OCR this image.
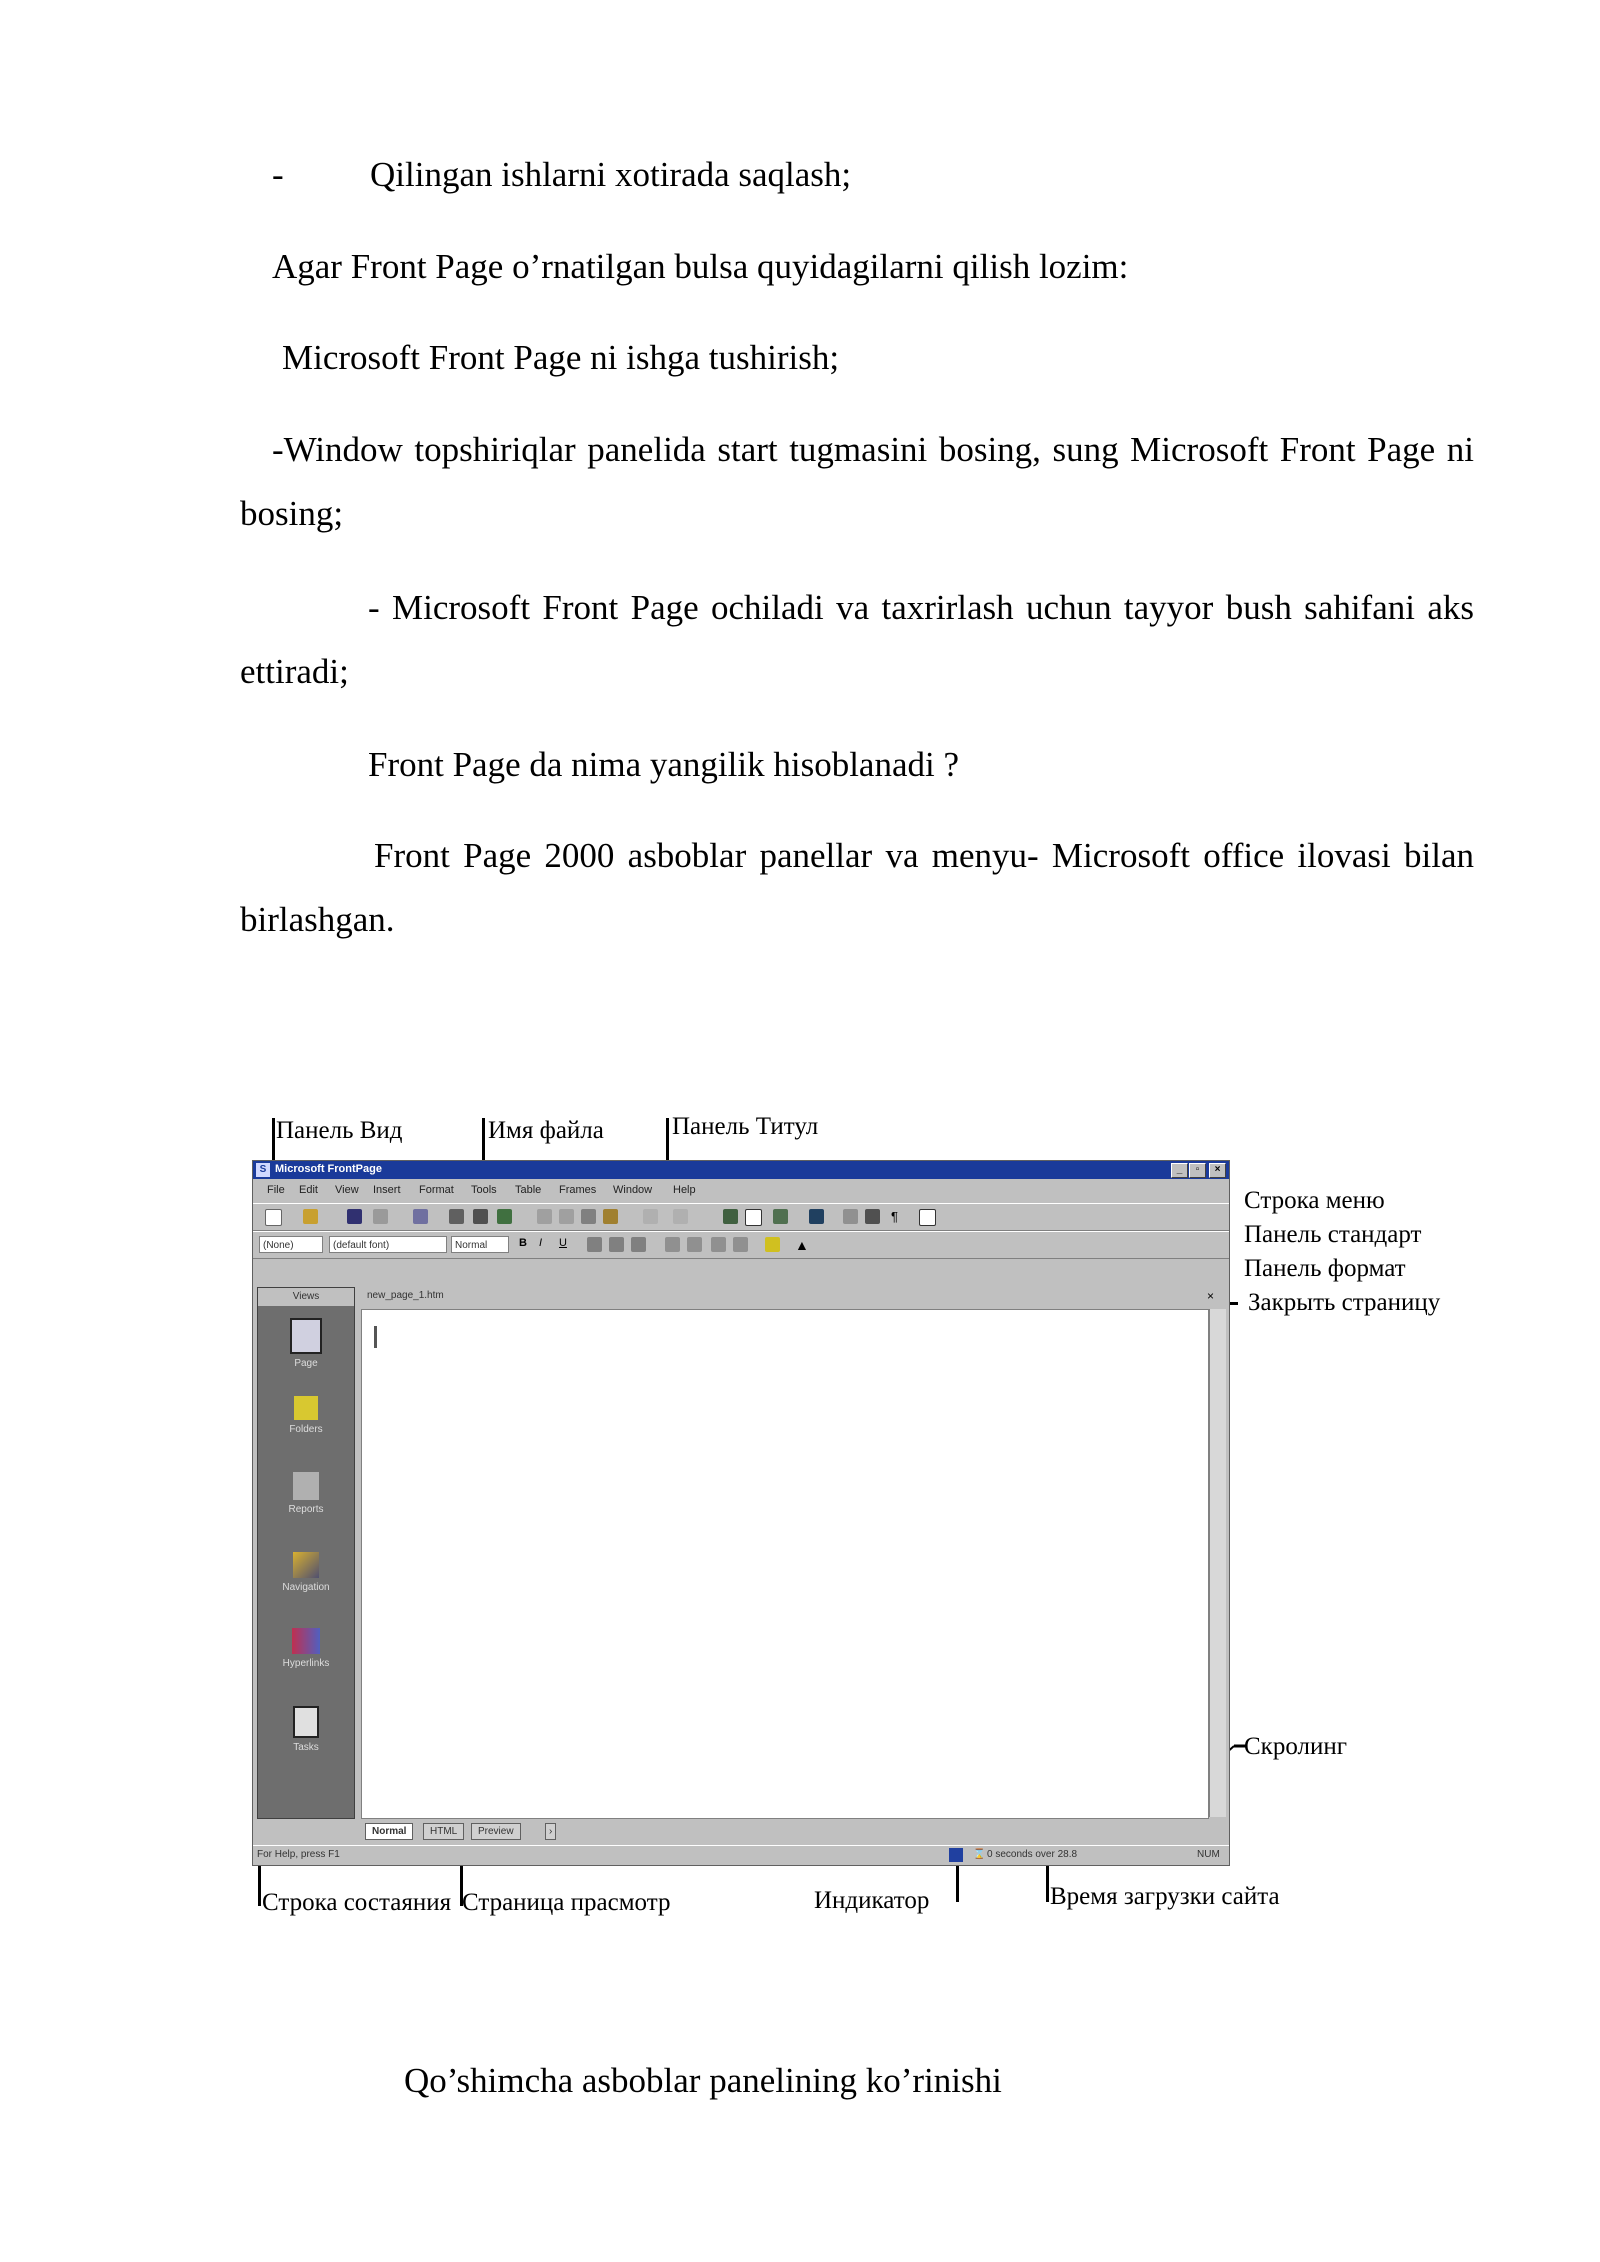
- Qilingan ishlarni xotirada saqlash;
Agar Front Page o’rnatilgan bulsa quyidagilarni qilish lozim:
Microsoft Front Page ni ishga tushirish;
-Window topshiriqlar panelida start tugmasini bosing, sung Microsoft Front Page ni bosing;
- Microsoft Front Page ochiladi va taxrirlash uchun tayyor bush sahifani aks ettiradi;
Front Page da nima yangilik hisoblanadi ?
Front Page 2000 asboblar panellar va menyu- Microsoft office ilovasi bilan birlashgan.
Панель Вид	Имя файла	Панель Титул
Строка меню
Панель стандарт
Панель формат
Закрыть страницу
Скролинг
Строка состаяния Страница прасмотр	Индикатор	Время загрузки сайта
S Microsoft FrontPage	_	▫	×
File Edit View Insert Format Tools Table Frames Window Help
¶
(None)	(default font)	Normal	B	I	U	▲
Views
Page
Folders
Reports
Navigation
Hyperlinks
Tasks
new_page_1.htm	×
Normal	HTML	Preview	›
For Help, press F1	⌛ 0 seconds over 28.8	NUM
Qo’shimcha asboblar panelining ko’rinishi
